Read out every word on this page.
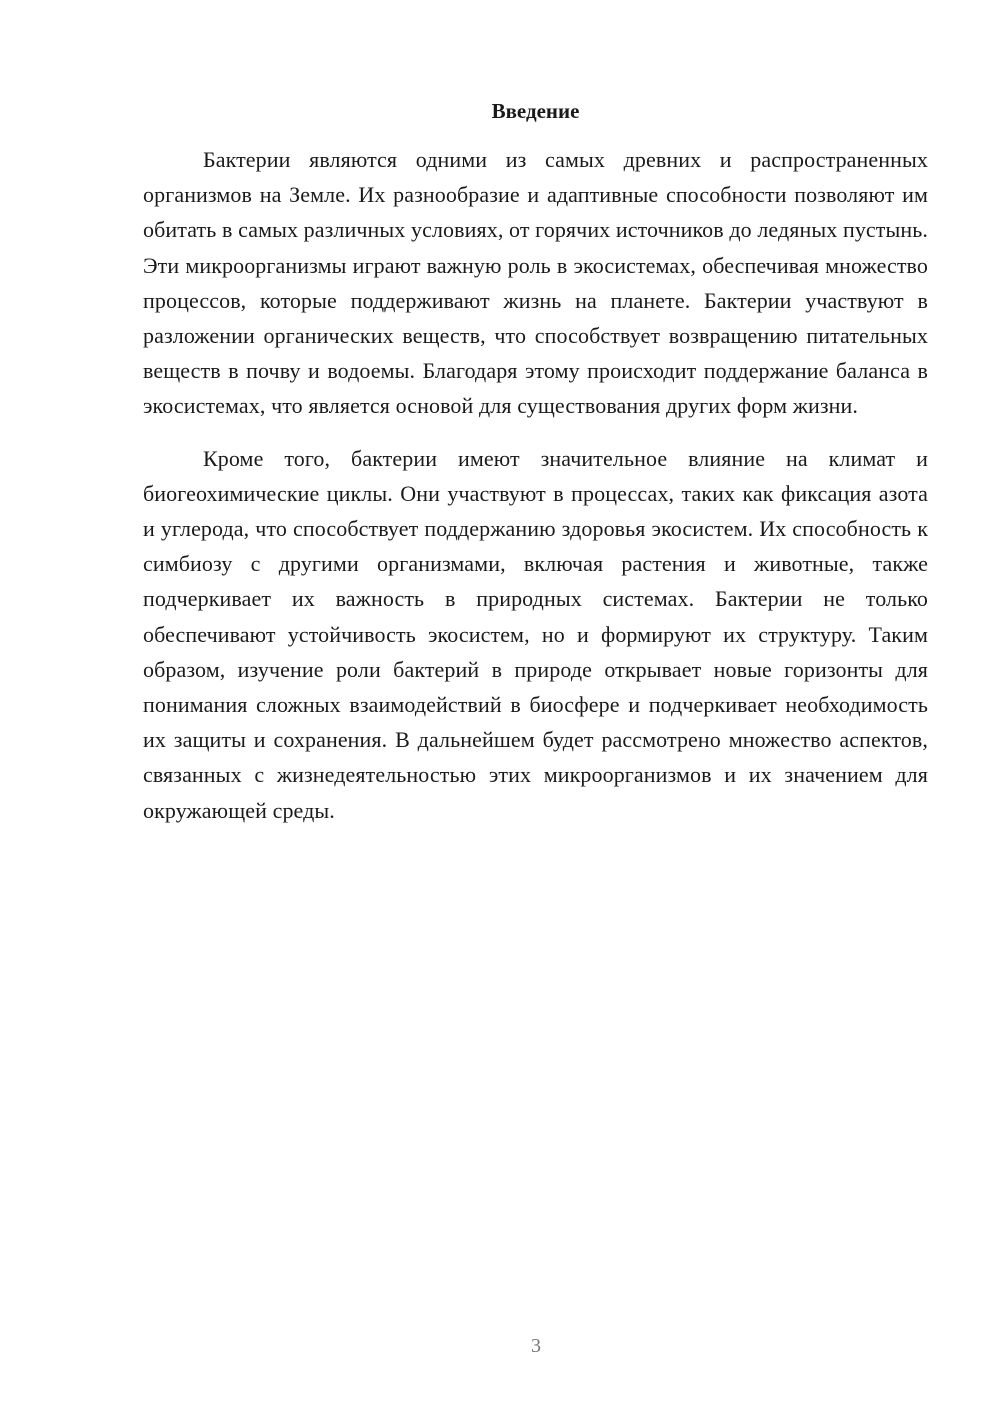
Введение

Бактерии являются одними из самых древних и распространенных организмов на Земле. Их разнообразие и адаптивные способности позволяют им обитать в самых различных условиях, от горячих источников до ледяных пустынь. Эти микроорганизмы играют важную роль в экосистемах, обеспечивая множество процессов, которые поддерживают жизнь на планете. Бактерии участвуют в разложении органических веществ, что способствует возвращению питательных веществ в почву и водоемы. Благодаря этому происходит поддержание баланса в экосистемах, что является основой для существования других форм жизни.

Кроме того, бактерии имеют значительное влияние на климат и биогеохимические циклы. Они участвуют в процессах, таких как фиксация азота и углерода, что способствует поддержанию здоровья экосистем. Их способность к симбиозу с другими организмами, включая растения и животные, также подчеркивает их важность в природных системах. Бактерии не только обеспечивают устойчивость экосистем, но и формируют их структуру. Таким образом, изучение роли бактерий в природе открывает новые горизонты для понимания сложных взаимодействий в биосфере и подчеркивает необходимость их защиты и сохранения. В дальнейшем будет рассмотрено множество аспектов, связанных с жизнедеятельностью этих микроорганизмов и их значением для окружающей среды.

3
